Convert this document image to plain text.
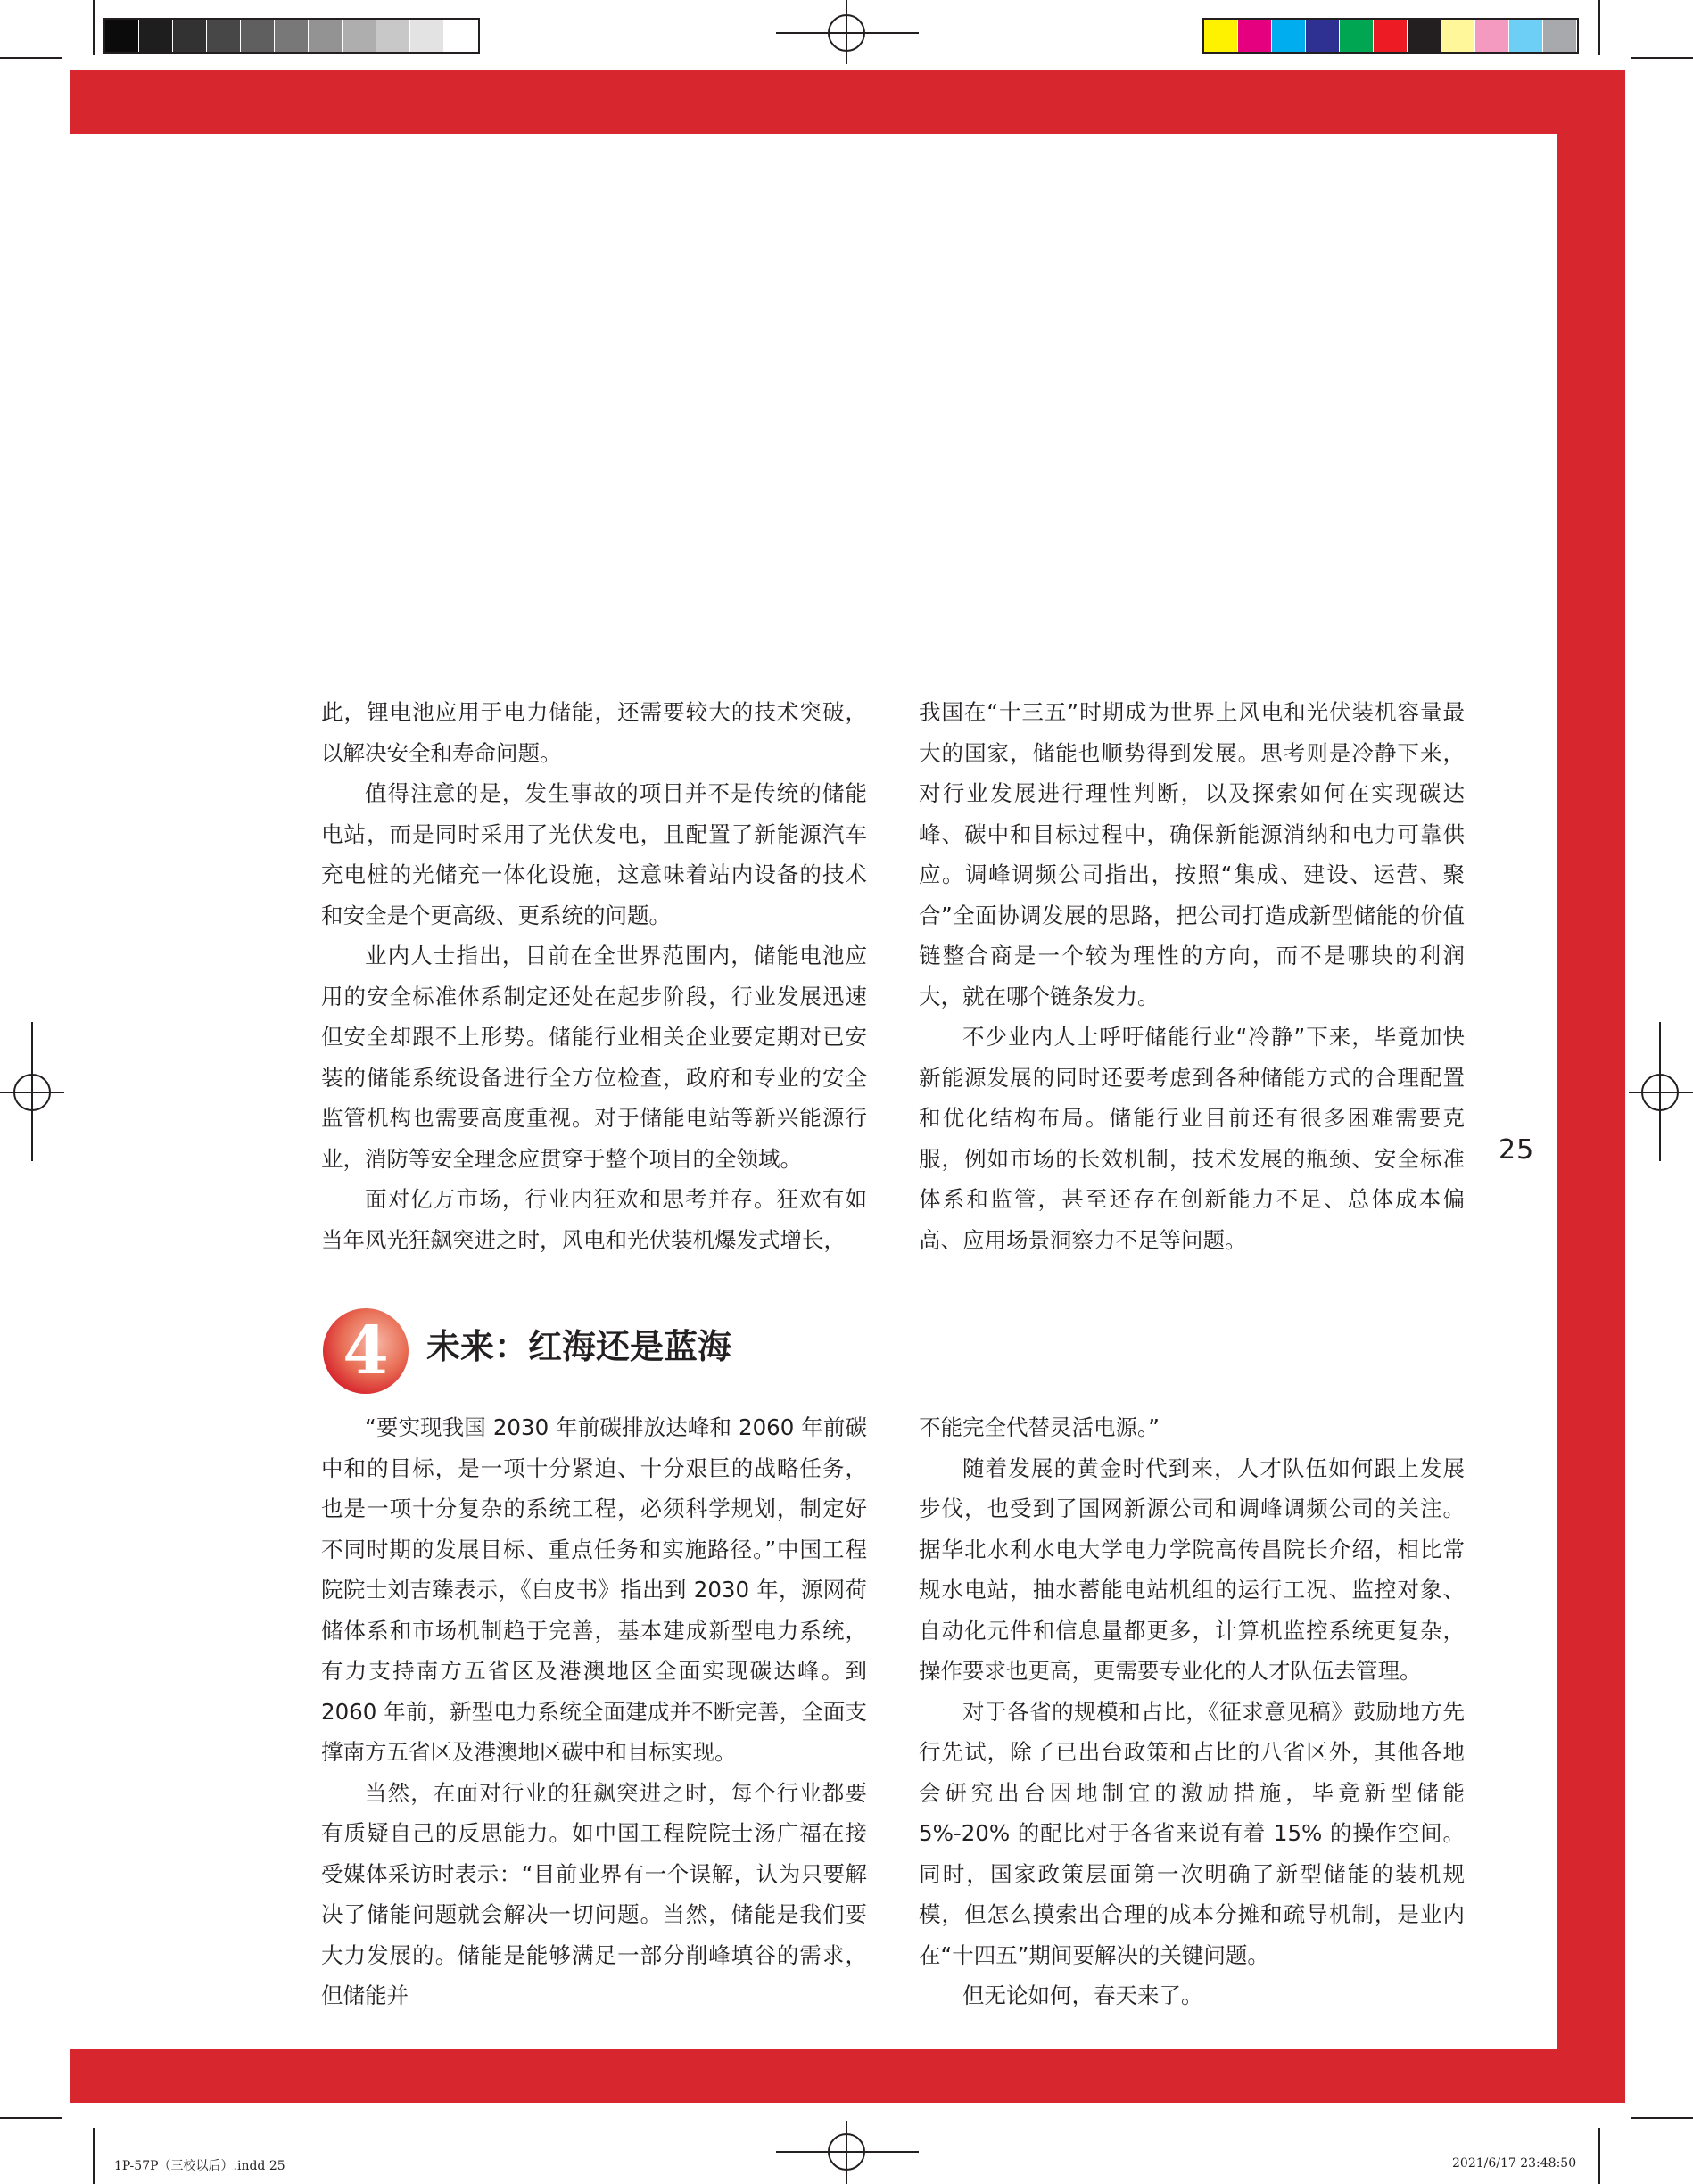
此，锂电池应用于电力储能，还需要较大的技术突破，以解决安全和寿命问题。

值得注意的是，发生事故的项目并不是传统的储能电站，而是同时采用了光伏发电，且配置了新能源汽车充电桩的光储充一体化设施，这意味着站内设备的技术和安全是个更高级、更系统的问题。

业内人士指出，目前在全世界范围内，储能电池应用的安全标准体系制定还处在起步阶段，行业发展迅速但安全却跟不上形势。储能行业相关企业要定期对已安装的储能系统设备进行全方位检查，政府和专业的安全监管机构也需要高度重视。对于储能电站等新兴能源行业，消防等安全理念应贯穿于整个项目的全领域。

面对亿万市场，行业内狂欢和思考并存。狂欢有如当年风光狂飙突进之时，风电和光伏装机爆发式增长，

我国在“十三五”时期成为世界上风电和光伏装机容量最大的国家，储能也顺势得到发展。思考则是冷静下来，对行业发展进行理性判断，以及探索如何在实现碳达峰、碳中和目标过程中，确保新能源消纳和电力可靠供应。调峰调频公司指出，按照“集成、建设、运营、聚合”全面协调发展的思路，把公司打造成新型储能的价值链整合商是一个较为理性的方向，而不是哪块的利润大，就在哪个链条发力。

不少业内人士呼吁储能行业“冷静”下来，毕竟加快新能源发展的同时还要考虑到各种储能方式的合理配置和优化结构布局。储能行业目前还有很多困难需要克服，例如市场的长效机制，技术发展的瓶颈、安全标准体系和监管，甚至还存在创新能力不足、总体成本偏高、应用场景洞察力不足等问题。

25
4	未来：红海还是蓝海

“要实现我国 2030 年前碳排放达峰和 2060 年前碳中和的目标，是一项十分紧迫、十分艰巨的战略任务，也是一项十分复杂的系统工程，必须科学规划，制定好不同时期的发展目标、重点任务和实施路径。”中国工程院院士刘吉臻表示，《白皮书》指出到 2030 年，源网荷储体系和市场机制趋于完善，基本建成新型电力系统，有力支持南方五省区及港澳地区全面实现碳达峰。到 2060 年前，新型电力系统全面建成并不断完善，全面支撑南方五省区及港澳地区碳中和目标实现。

当然，在面对行业的狂飙突进之时，每个行业都要有质疑自己的反思能力。如中国工程院院士汤广福在接受媒体采访时表示：“目前业界有一个误解，认为只要解决了储能问题就会解决一切问题。当然，储能是我们要大力发展的。储能是能够满足一部分削峰填谷的需求，但储能并

不能完全代替灵活电源。”

随着发展的黄金时代到来，人才队伍如何跟上发展步伐，也受到了国网新源公司和调峰调频公司的关注。据华北水利水电大学电力学院高传昌院长介绍，相比常规水电站，抽水蓄能电站机组的运行工况、监控对象、自动化元件和信息量都更多，计算机监控系统更复杂，操作要求也更高，更需要专业化的人才队伍去管理。

对于各省的规模和占比，《征求意见稿》鼓励地方先行先试，除了已出台政策和占比的八省区外，其他各地会研究出台因地制宜的激励措施，毕竟新型储能 5%-20% 的配比对于各省来说有着 15% 的操作空间。同时，国家政策层面第一次明确了新型储能的装机规模，但怎么摸索出合理的成本分摊和疏导机制，是业内在“十四五”期间要解决的关键问题。

但无论如何，春天来了。

1P-57P（三校以后）.indd 25	2021/6/17 23:48:50
